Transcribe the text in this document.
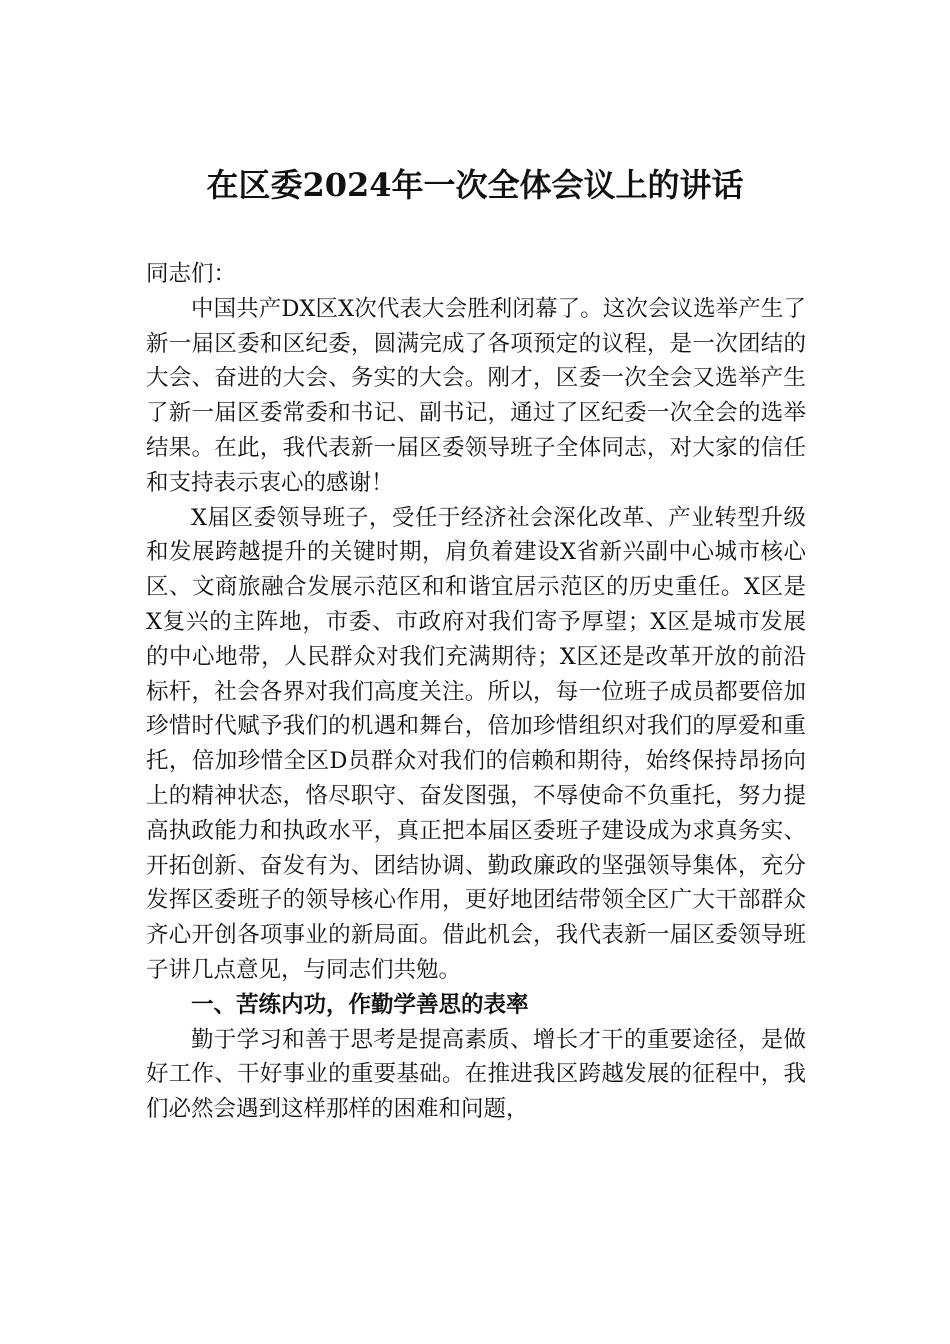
在区委2024年一次全体会议上的讲话

同志们：

中国共产DX区X次代表大会胜利闭幕了。这次会议选举产生了新一届区委和区纪委，圆满完成了各项预定的议程，是一次团结的大会、奋进的大会、务实的大会。刚才，区委一次全会又选举产生了新一届区委常委和书记、副书记，通过了区纪委一次全会的选举结果。在此，我代表新一届区委领导班子全体同志，对大家的信任和支持表示衷心的感谢！

X届区委领导班子，受任于经济社会深化改革、产业转型升级和发展跨越提升的关键时期，肩负着建设X省新兴副中心城市核心区、文商旅融合发展示范区和和谐宜居示范区的历史重任。X区是X复兴的主阵地，市委、市政府对我们寄予厚望；X区是城市发展的中心地带，人民群众对我们充满期待；X区还是改革开放的前沿标杆，社会各界对我们高度关注。所以，每一位班子成员都要倍加珍惜时代赋予我们的机遇和舞台，倍加珍惜组织对我们的厚爱和重托，倍加珍惜全区D员群众对我们的信赖和期待，始终保持昂扬向上的精神状态，恪尽职守、奋发图强，不辱使命不负重托，努力提高执政能力和执政水平，真正把本届区委班子建设成为求真务实、开拓创新、奋发有为、团结协调、勤政廉政的坚强领导集体，充分发挥区委班子的领导核心作用，更好地团结带领全区广大干部群众齐心开创各项事业的新局面。借此机会，我代表新一届区委领导班子讲几点意见，与同志们共勉。

一、苦练内功，作勤学善思的表率

勤于学习和善于思考是提高素质、增长才干的重要途径，是做好工作、干好事业的重要基础。在推进我区跨越发展的征程中，我们必然会遇到这样那样的困难和问题，
